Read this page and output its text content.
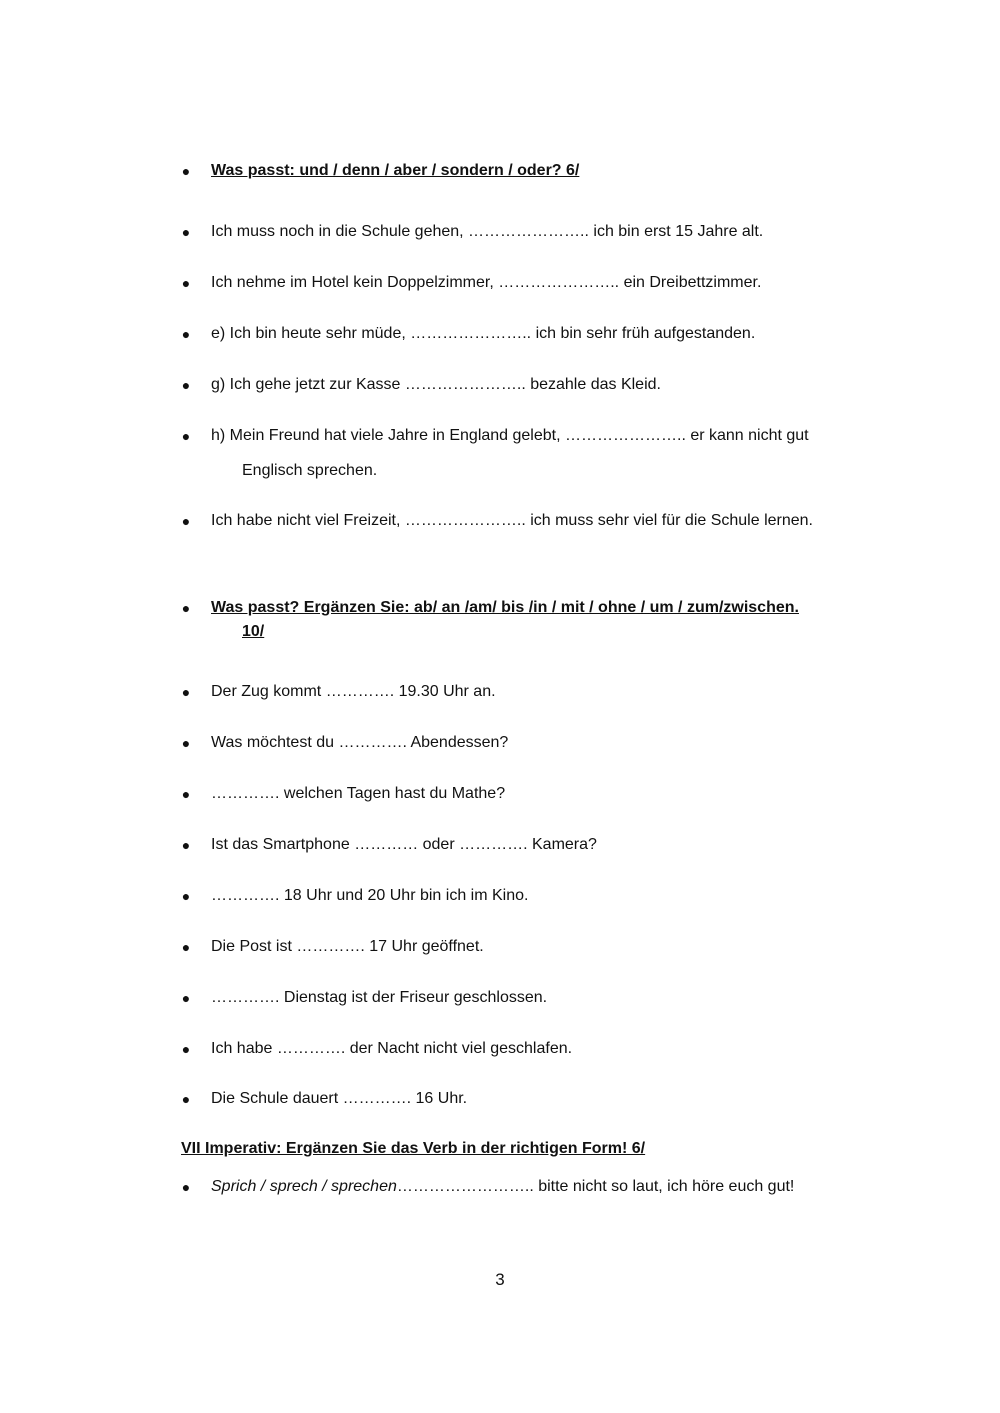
● Was passt: und / denn / aber / sondern / oder? 6/
● Ich muss noch in die Schule gehen, ………………….. ich bin erst 15 Jahre alt.
● Ich nehme im Hotel kein Doppelzimmer, ………………….. ein Dreibettzimmer.
● e) Ich bin heute sehr müde, ………………….. ich bin sehr früh aufgestanden.
● g) Ich gehe jetzt zur Kasse ………………….. bezahle das Kleid.
● h) Mein Freund hat viele Jahre in England gelebt, ………………….. er kann nicht gut
Englisch sprechen.
● Ich habe nicht viel Freizeit, ………………….. ich muss sehr viel für die Schule lernen.
● Was passt? Ergänzen Sie: ab/ an /am/ bis /in / mit / ohne / um / zum/zwischen.
10/
● Der Zug kommt …………. 19.30 Uhr an.
● Was möchtest du …………. Abendessen?
● …………. welchen Tagen hast du Mathe?
● Ist das Smartphone ………… oder …………. Kamera?
● …………. 18 Uhr und 20 Uhr bin ich im Kino.
● Die Post ist …………. 17 Uhr geöffnet.
● …………. Dienstag ist der Friseur geschlossen.
● Ich habe …………. der Nacht nicht viel geschlafen.
● Die Schule dauert …………. 16 Uhr.
VII Imperativ: Ergänzen Sie das Verb in der richtigen Form! 6/
● Sprich / sprech / sprechen…………………….. bitte nicht so laut, ich höre euch gut!
3
